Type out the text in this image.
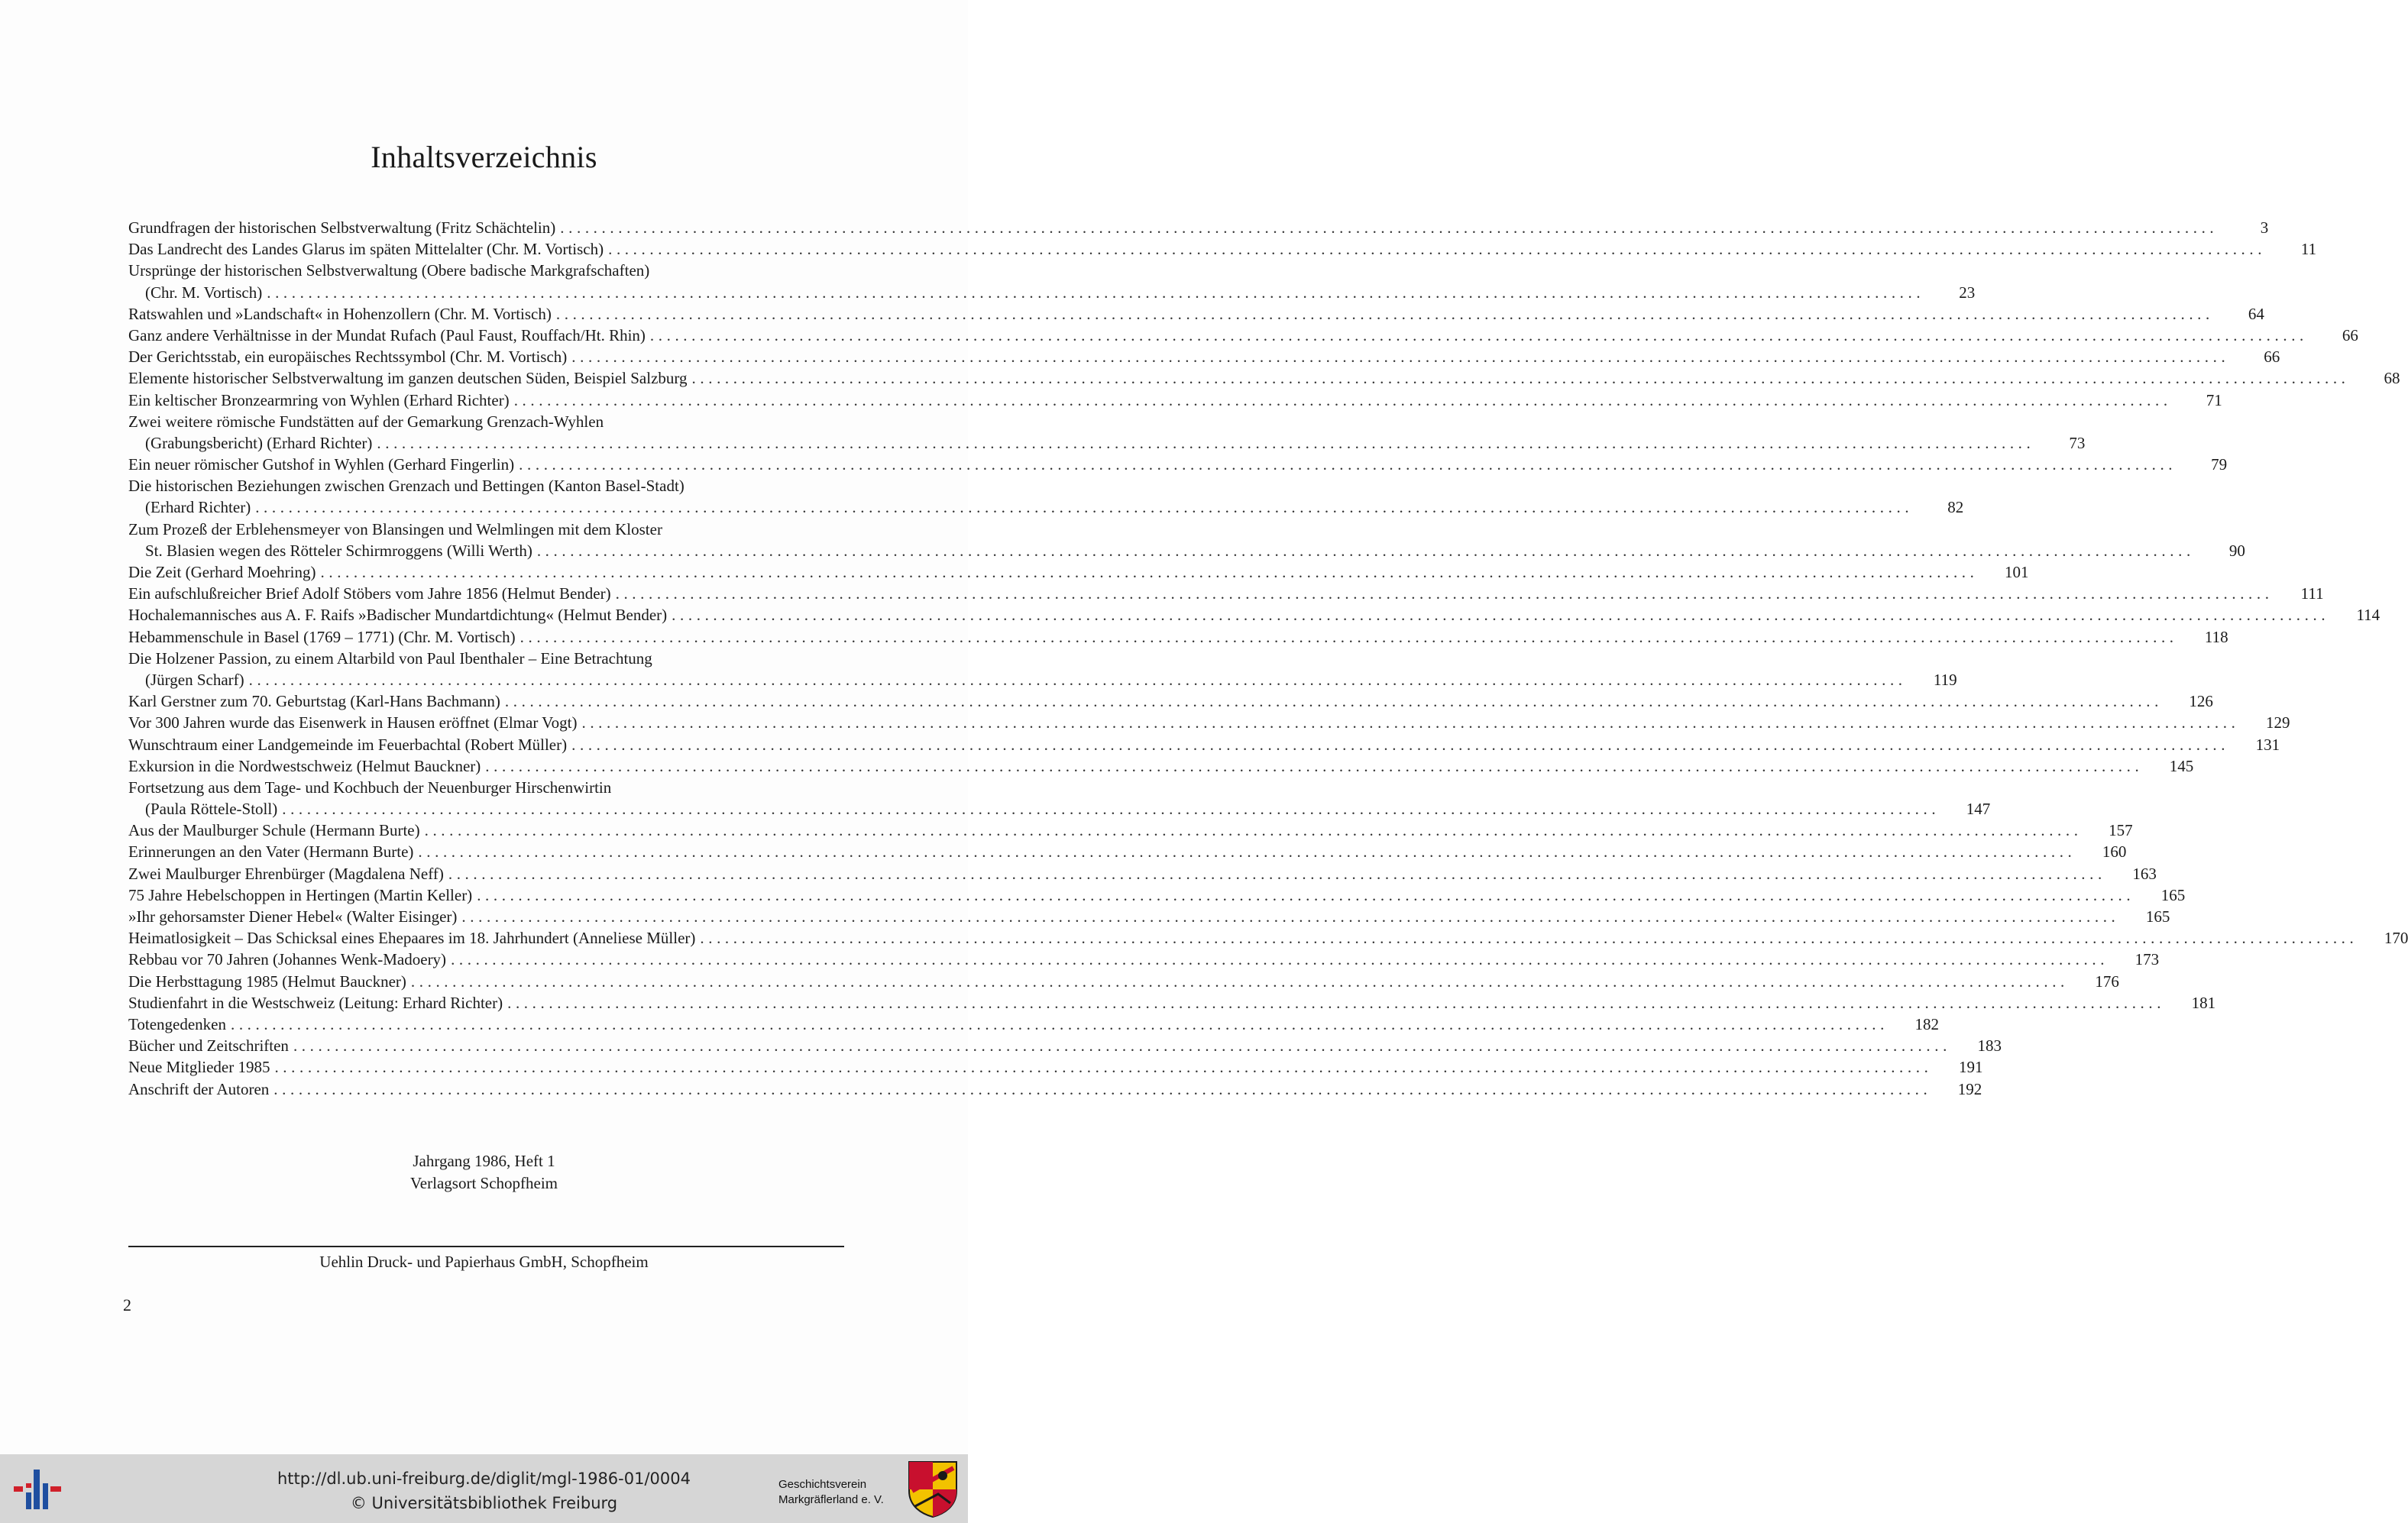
Inhaltsverzeichnis
Grundfragen der historischen Selbstverwaltung (Fritz Schächtelin) ........................................................................................................................................................................................................	3
Das Landrecht des Landes Glarus im späten Mittelalter (Chr. M. Vortisch) ........................................................................................................................................................................................................	11
Ursprünge der historischen Selbstverwaltung (Obere badische Markgrafschaften)
(Chr. M. Vortisch) ........................................................................................................................................................................................................	23
Ratswahlen und »Landschaft« in Hohenzollern (Chr. M. Vortisch) ........................................................................................................................................................................................................	64
Ganz andere Verhältnisse in der Mundat Rufach (Paul Faust, Rouffach/Ht. Rhin) ........................................................................................................................................................................................................	66
Der Gerichtsstab, ein europäisches Rechtssymbol (Chr. M. Vortisch) ........................................................................................................................................................................................................	66
Elemente historischer Selbstverwaltung im ganzen deutschen Süden, Beispiel Salzburg ........................................................................................................................................................................................................	68
Ein keltischer Bronzearmring von Wyhlen (Erhard Richter) ........................................................................................................................................................................................................	71
Zwei weitere römische Fundstätten auf der Gemarkung Grenzach-Wyhlen
(Grabungsbericht) (Erhard Richter) ........................................................................................................................................................................................................	73
Ein neuer römischer Gutshof in Wyhlen (Gerhard Fingerlin) ........................................................................................................................................................................................................	79
Die historischen Beziehungen zwischen Grenzach und Bettingen (Kanton Basel-Stadt)
(Erhard Richter) ........................................................................................................................................................................................................	82
Zum Prozeß der Erblehensmeyer von Blansingen und Welmlingen mit dem Kloster
St. Blasien wegen des Rötteler Schirmroggens (Willi Werth) ........................................................................................................................................................................................................	90
Die Zeit (Gerhard Moehring) ........................................................................................................................................................................................................	101
Ein aufschlußreicher Brief Adolf Stöbers vom Jahre 1856 (Helmut Bender) ........................................................................................................................................................................................................	111
Hochalemannisches aus A. F. Raifs »Badischer Mundartdichtung« (Helmut Bender) ........................................................................................................................................................................................................	114
Hebammenschule in Basel (1769 – 1771) (Chr. M. Vortisch) ........................................................................................................................................................................................................	118
Die Holzener Passion, zu einem Altarbild von Paul Ibenthaler – Eine Betrachtung
(Jürgen Scharf) ........................................................................................................................................................................................................	119
Karl Gerstner zum 70. Geburtstag (Karl-Hans Bachmann) ........................................................................................................................................................................................................	126
Vor 300 Jahren wurde das Eisenwerk in Hausen eröffnet (Elmar Vogt) ........................................................................................................................................................................................................	129
Wunschtraum einer Landgemeinde im Feuerbachtal (Robert Müller) ........................................................................................................................................................................................................	131
Exkursion in die Nordwestschweiz (Helmut Bauckner) ........................................................................................................................................................................................................	145
Fortsetzung aus dem Tage- und Kochbuch der Neuenburger Hirschenwirtin
(Paula Röttele-Stoll) ........................................................................................................................................................................................................	147
Aus der Maulburger Schule (Hermann Burte) ........................................................................................................................................................................................................	157
Erinnerungen an den Vater (Hermann Burte) ........................................................................................................................................................................................................	160
Zwei Maulburger Ehrenbürger (Magdalena Neff) ........................................................................................................................................................................................................	163
75 Jahre Hebelschoppen in Hertingen (Martin Keller) ........................................................................................................................................................................................................	165
»Ihr gehorsamster Diener Hebel« (Walter Eisinger) ........................................................................................................................................................................................................	165
Heimatlosigkeit – Das Schicksal eines Ehepaares im 18. Jahrhundert (Anneliese Müller) ........................................................................................................................................................................................................	170
Rebbau vor 70 Jahren (Johannes Wenk-Madoery) ........................................................................................................................................................................................................	173
Die Herbsttagung 1985 (Helmut Bauckner) ........................................................................................................................................................................................................	176
Studienfahrt in die Westschweiz (Leitung: Erhard Richter) ........................................................................................................................................................................................................	181
Totengedenken ........................................................................................................................................................................................................	182
Bücher und Zeitschriften ........................................................................................................................................................................................................	183
Neue Mitglieder 1985 ........................................................................................................................................................................................................	191
Anschrift der Autoren ........................................................................................................................................................................................................	192
Jahrgang 1986, Heft 1
Verlagsort Schopfheim
Uehlin Druck- und Papierhaus GmbH, Schopfheim
2
http://dl.ub.uni-freiburg.de/diglit/mgl-1986-01/0004
© Universitätsbibliothek Freiburg
Geschichtsverein
Markgräflerland e. V.
